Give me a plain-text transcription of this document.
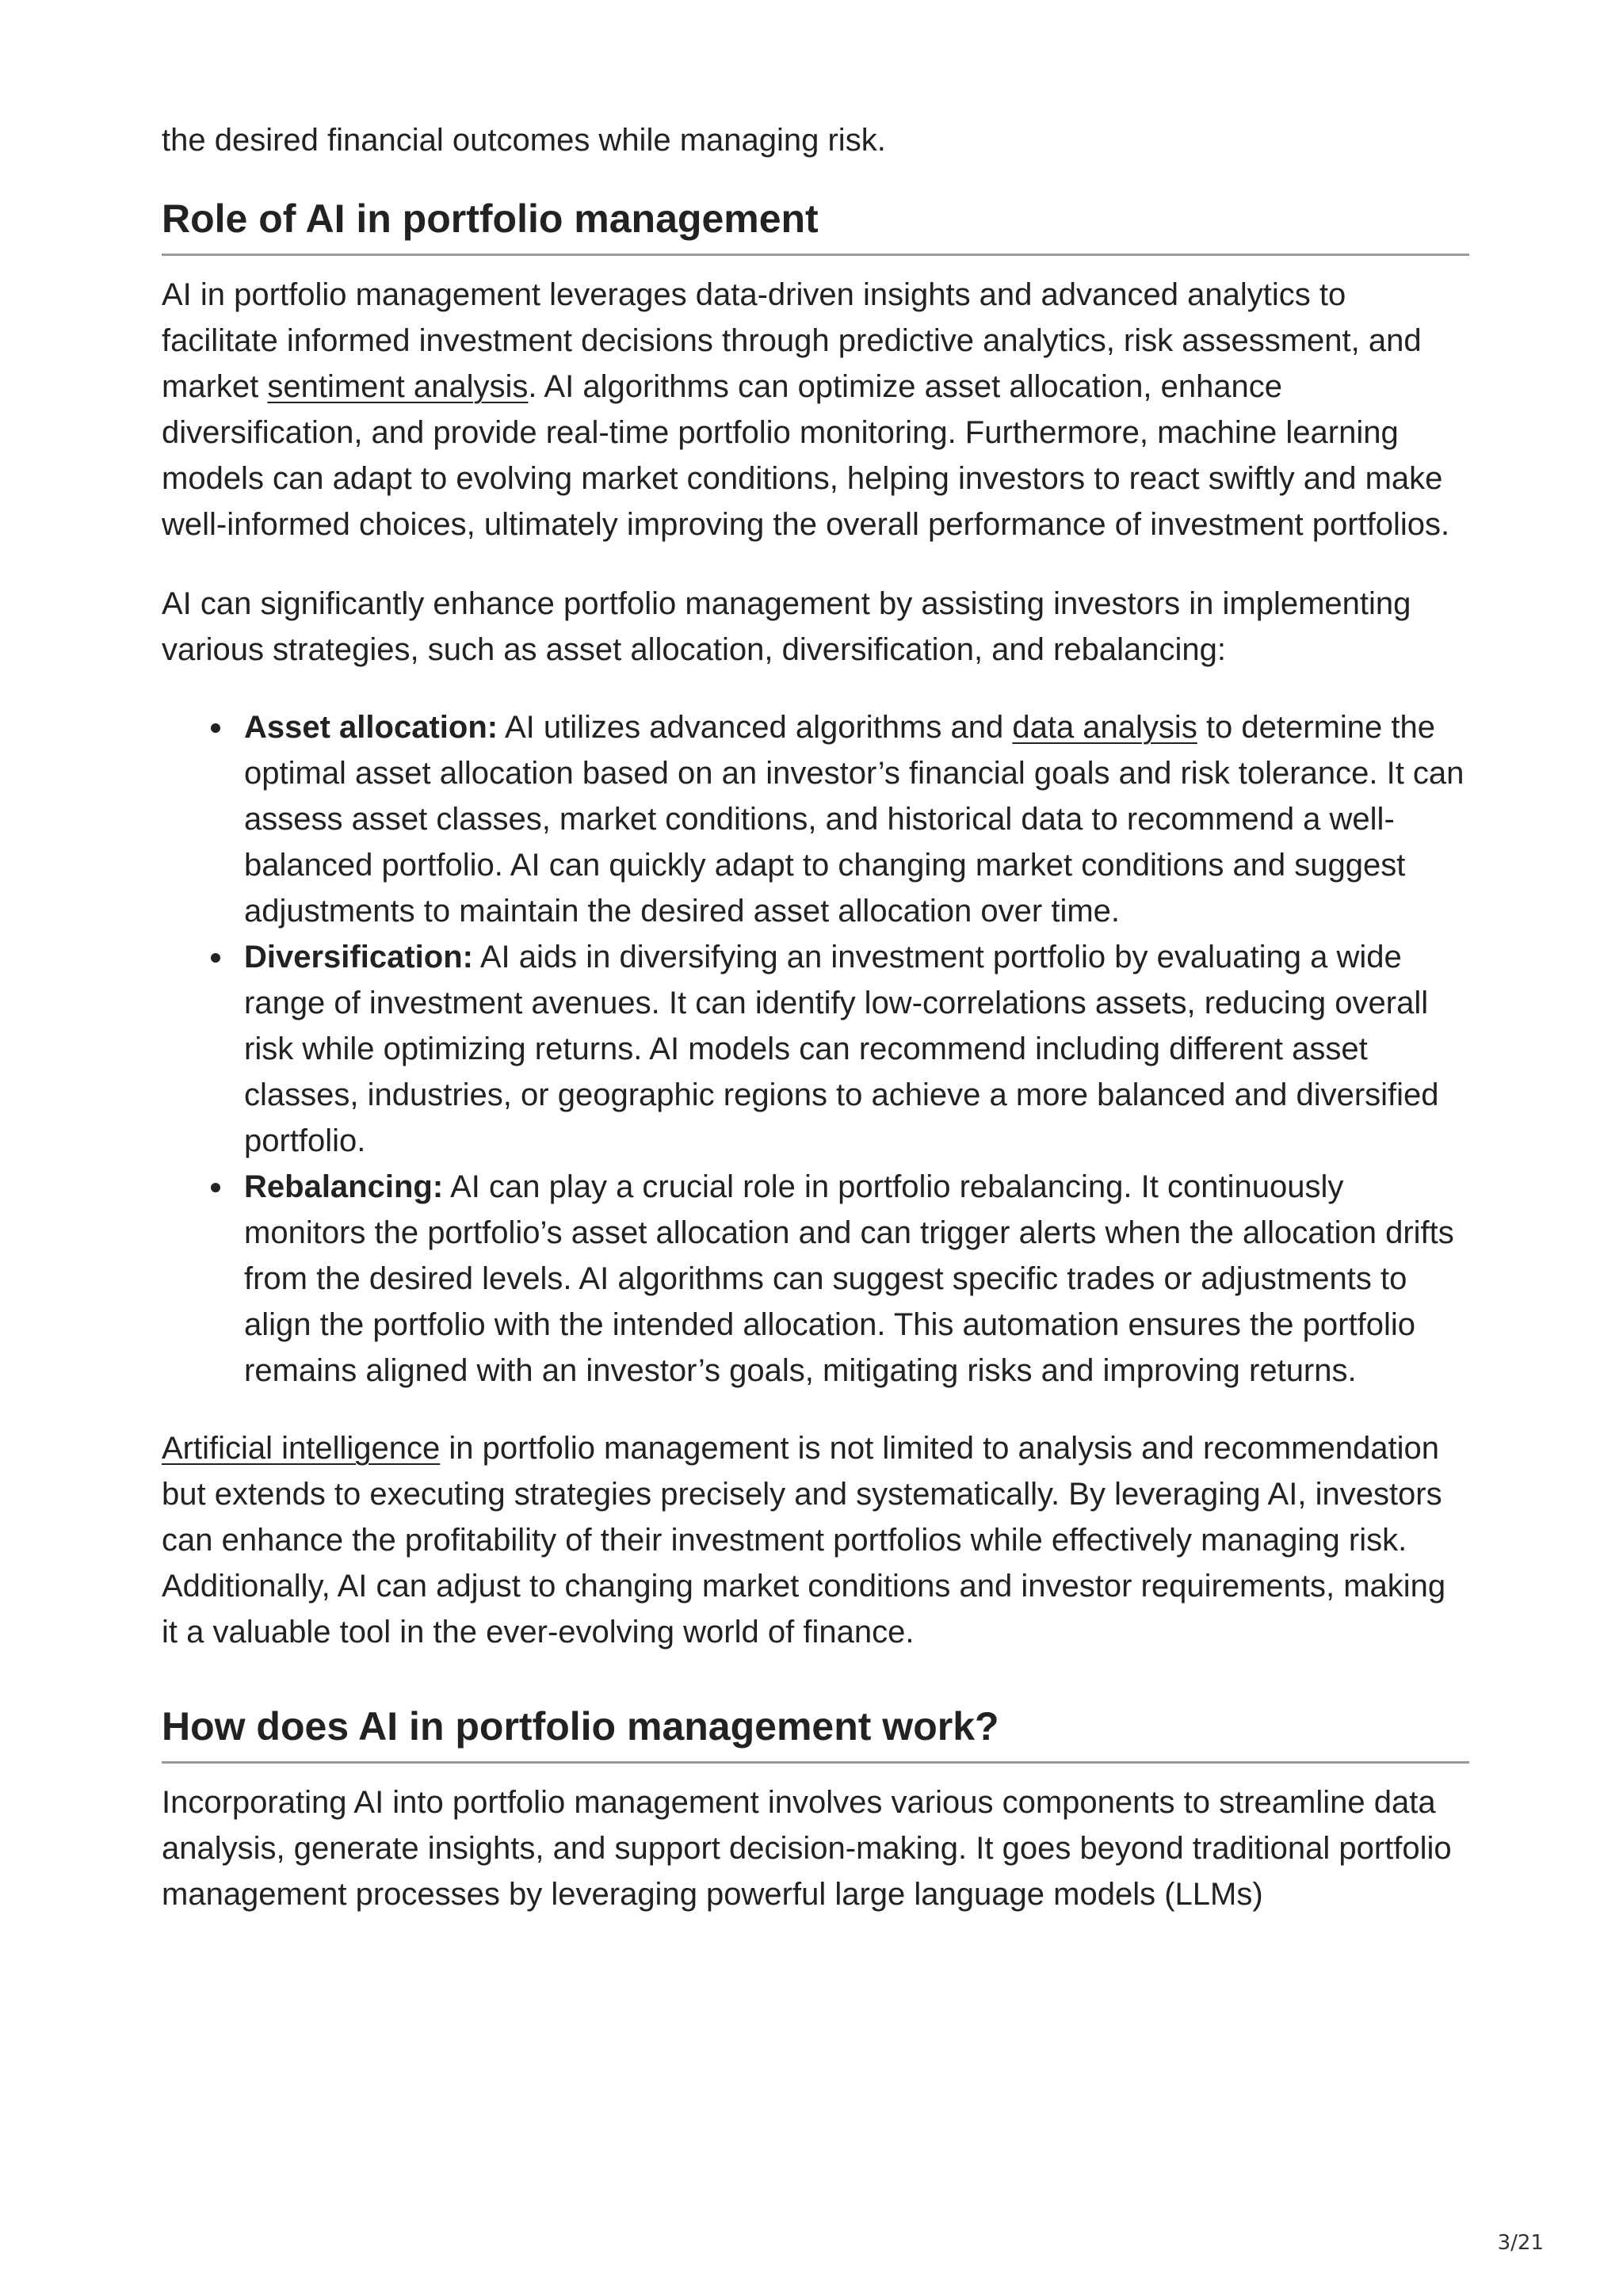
the desired financial outcomes while managing risk.

Role of AI in portfolio management

AI in portfolio management leverages data-driven insights and advanced analytics to facilitate informed investment decisions through predictive analytics, risk assessment, and market sentiment analysis. AI algorithms can optimize asset allocation, enhance diversification, and provide real-time portfolio monitoring. Furthermore, machine learning models can adapt to evolving market conditions, helping investors to react swiftly and make well-informed choices, ultimately improving the overall performance of investment portfolios.

AI can significantly enhance portfolio management by assisting investors in implementing various strategies, such as asset allocation, diversification, and rebalancing:

Asset allocation: AI utilizes advanced algorithms and data analysis to determine the optimal asset allocation based on an investor’s financial goals and risk tolerance. It can assess asset classes, market conditions, and historical data to recommend a well-balanced portfolio. AI can quickly adapt to changing market conditions and suggest adjustments to maintain the desired asset allocation over time.
Diversification: AI aids in diversifying an investment portfolio by evaluating a wide range of investment avenues. It can identify low-correlations assets, reducing overall risk while optimizing returns. AI models can recommend including different asset classes, industries, or geographic regions to achieve a more balanced and diversified portfolio.
Rebalancing: AI can play a crucial role in portfolio rebalancing. It continuously monitors the portfolio’s asset allocation and can trigger alerts when the allocation drifts from the desired levels. AI algorithms can suggest specific trades or adjustments to align the portfolio with the intended allocation. This automation ensures the portfolio remains aligned with an investor’s goals, mitigating risks and improving returns.

Artificial intelligence in portfolio management is not limited to analysis and recommendation but extends to executing strategies precisely and systematically. By leveraging AI, investors can enhance the profitability of their investment portfolios while effectively managing risk. Additionally, AI can adjust to changing market conditions and investor requirements, making it a valuable tool in the ever-evolving world of finance.

How does AI in portfolio management work?

Incorporating AI into portfolio management involves various components to streamline data analysis, generate insights, and support decision-making. It goes beyond traditional portfolio management processes by leveraging powerful large language models (LLMs)

3/21
